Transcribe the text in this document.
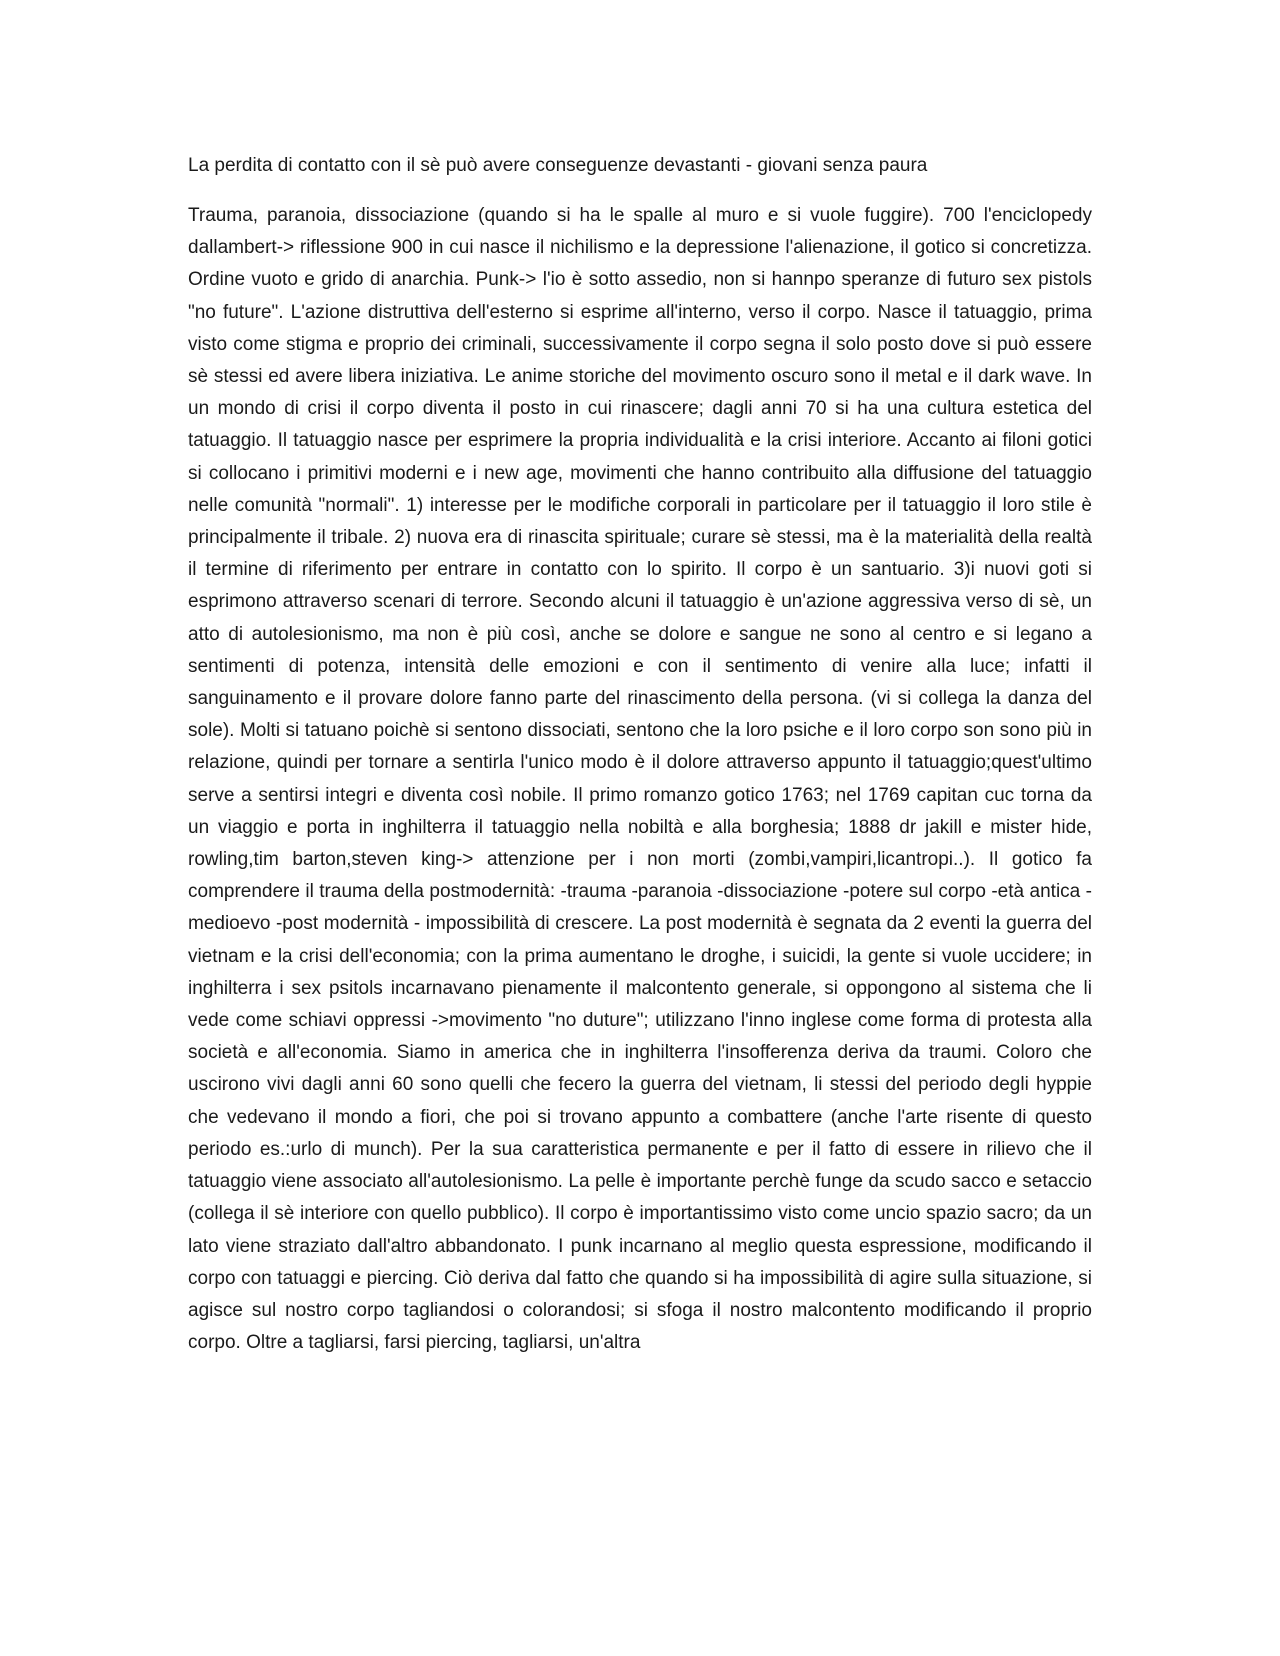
La perdita di contatto con il sè può avere conseguenze devastanti - giovani senza paura

Trauma, paranoia, dissociazione (quando si ha le spalle al muro e si vuole fuggire). 700 l'enciclopedy dallambert-> riflessione 900 in cui nasce il nichilismo e la depressione l'alienazione, il gotico si concretizza. Ordine vuoto e grido di anarchia. Punk-> l'io è sotto assedio, non si hannpo speranze di futuro sex pistols "no future". L'azione distruttiva dell'esterno si esprime all'interno, verso il corpo. Nasce il tatuaggio, prima visto come stigma e proprio dei criminali, successivamente il corpo segna il solo posto dove si può essere sè stessi ed avere libera iniziativa. Le anime storiche del movimento oscuro sono il metal e il dark wave. In un mondo di crisi il corpo diventa il posto in cui rinascere; dagli anni 70 si ha una cultura estetica del tatuaggio. Il tatuaggio nasce per esprimere la propria individualità e la crisi interiore. Accanto ai filoni gotici si collocano i primitivi moderni e i new age, movimenti che hanno contribuito alla diffusione del tatuaggio nelle comunità "normali". 1) interesse per le modifiche corporali in particolare per il tatuaggio il loro stile è principalmente il tribale. 2) nuova era di rinascita spirituale; curare sè stessi, ma è la materialità della realtà il termine di riferimento per entrare in contatto con lo spirito. Il corpo è un santuario. 3)i nuovi goti si esprimono attraverso scenari di terrore. Secondo alcuni il tatuaggio è un'azione aggressiva verso di sè, un atto di autolesionismo, ma non è più così, anche se dolore e sangue ne sono al centro e si legano a sentimenti di potenza, intensità delle emozioni e con il sentimento di venire alla luce; infatti il sanguinamento e il provare dolore fanno parte del rinascimento della persona. (vi si collega la danza del sole). Molti si tatuano poichè si sentono dissociati, sentono che la loro psiche e il loro corpo son sono più in relazione, quindi per tornare a sentirla l'unico modo è il dolore attraverso appunto il tatuaggio;quest'ultimo serve a sentirsi integri e diventa così nobile. Il primo romanzo gotico 1763; nel 1769 capitan cuc torna da un viaggio e porta in inghilterra il tatuaggio nella nobiltà e alla borghesia; 1888 dr jakill e mister hide, rowling,tim barton,steven king-> attenzione per i non morti (zombi,vampiri,licantropi..). Il gotico fa comprendere il trauma della postmodernità: -trauma -paranoia -dissociazione -potere sul corpo -età antica -medioevo -post modernità - impossibilità di crescere. La post modernità è segnata da 2 eventi la guerra del vietnam e la crisi dell'economia; con la prima aumentano le droghe, i suicidi, la gente si vuole uccidere; in inghilterra i sex psitols incarnavano pienamente il malcontento generale, si oppongono al sistema che li vede come schiavi oppressi ->movimento "no duture"; utilizzano l'inno inglese come forma di protesta alla società e all'economia. Siamo in america che in inghilterra l'insofferenza deriva da traumi. Coloro che uscirono vivi dagli anni 60 sono quelli che fecero la guerra del vietnam, li stessi del periodo degli hyppie che vedevano il mondo a fiori, che poi si trovano appunto a combattere (anche l'arte risente di questo periodo es.:urlo di munch). Per la sua caratteristica permanente e per il fatto di essere in rilievo che il tatuaggio viene associato all'autolesionismo. La pelle è importante perchè funge da scudo sacco e setaccio (collega il sè interiore con quello pubblico). Il corpo è importantissimo visto come uncio spazio sacro; da un lato viene straziato dall'altro abbandonato. I punk incarnano al meglio questa espressione, modificando il corpo con tatuaggi e piercing. Ciò deriva dal fatto che quando si ha impossibilità di agire sulla situazione, si agisce sul nostro corpo tagliandosi o colorandosi; si sfoga il nostro malcontento modificando il proprio corpo. Oltre a tagliarsi, farsi piercing, tagliarsi, un'altra
